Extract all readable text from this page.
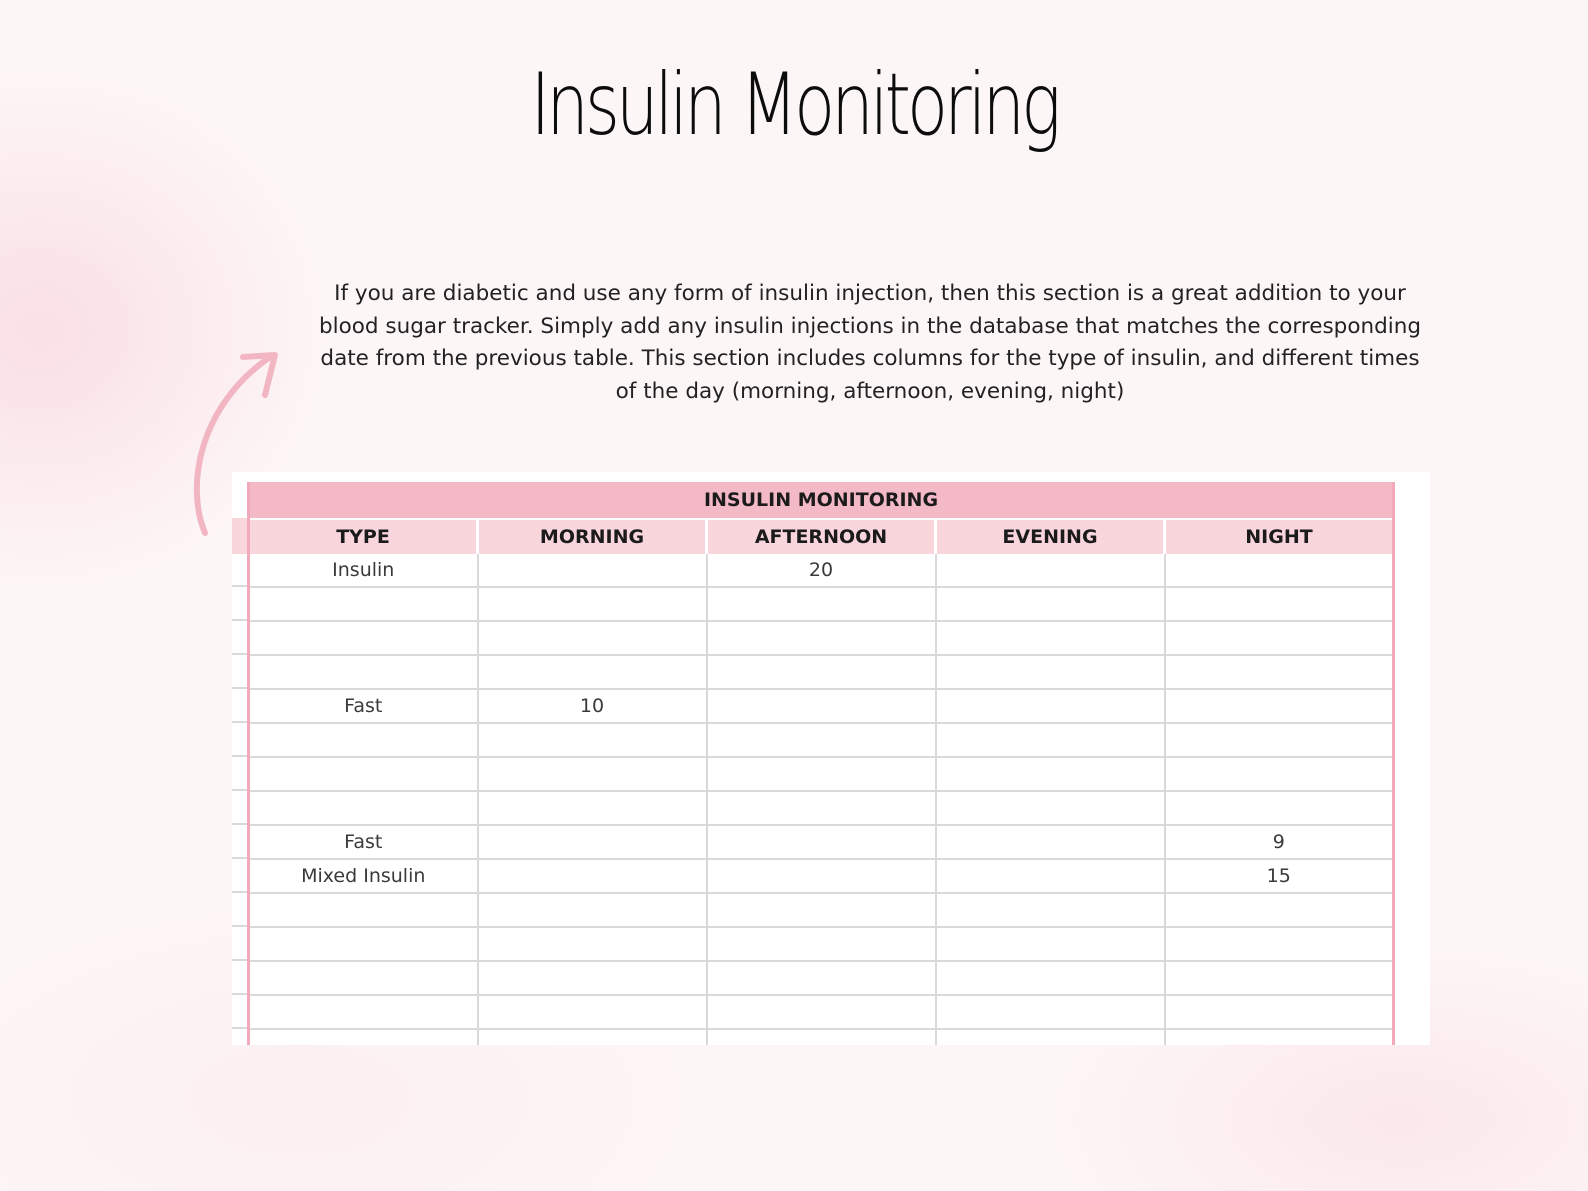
Insulin Monitoring

If you are diabetic and use any form of insulin injection, then this section is a great addition to your blood sugar tracker. Simply add any insulin injections in the database that matches the corresponding date from the previous table. This section includes columns for the type of insulin, and different times of the day (morning, afternoon, evening, night)

INSULIN MONITORING				
TYPE	MORNING	AFTERNOON	EVENING	NIGHT
Insulin		20		

Fast	10			

Fast				9
Mixed Insulin				15
